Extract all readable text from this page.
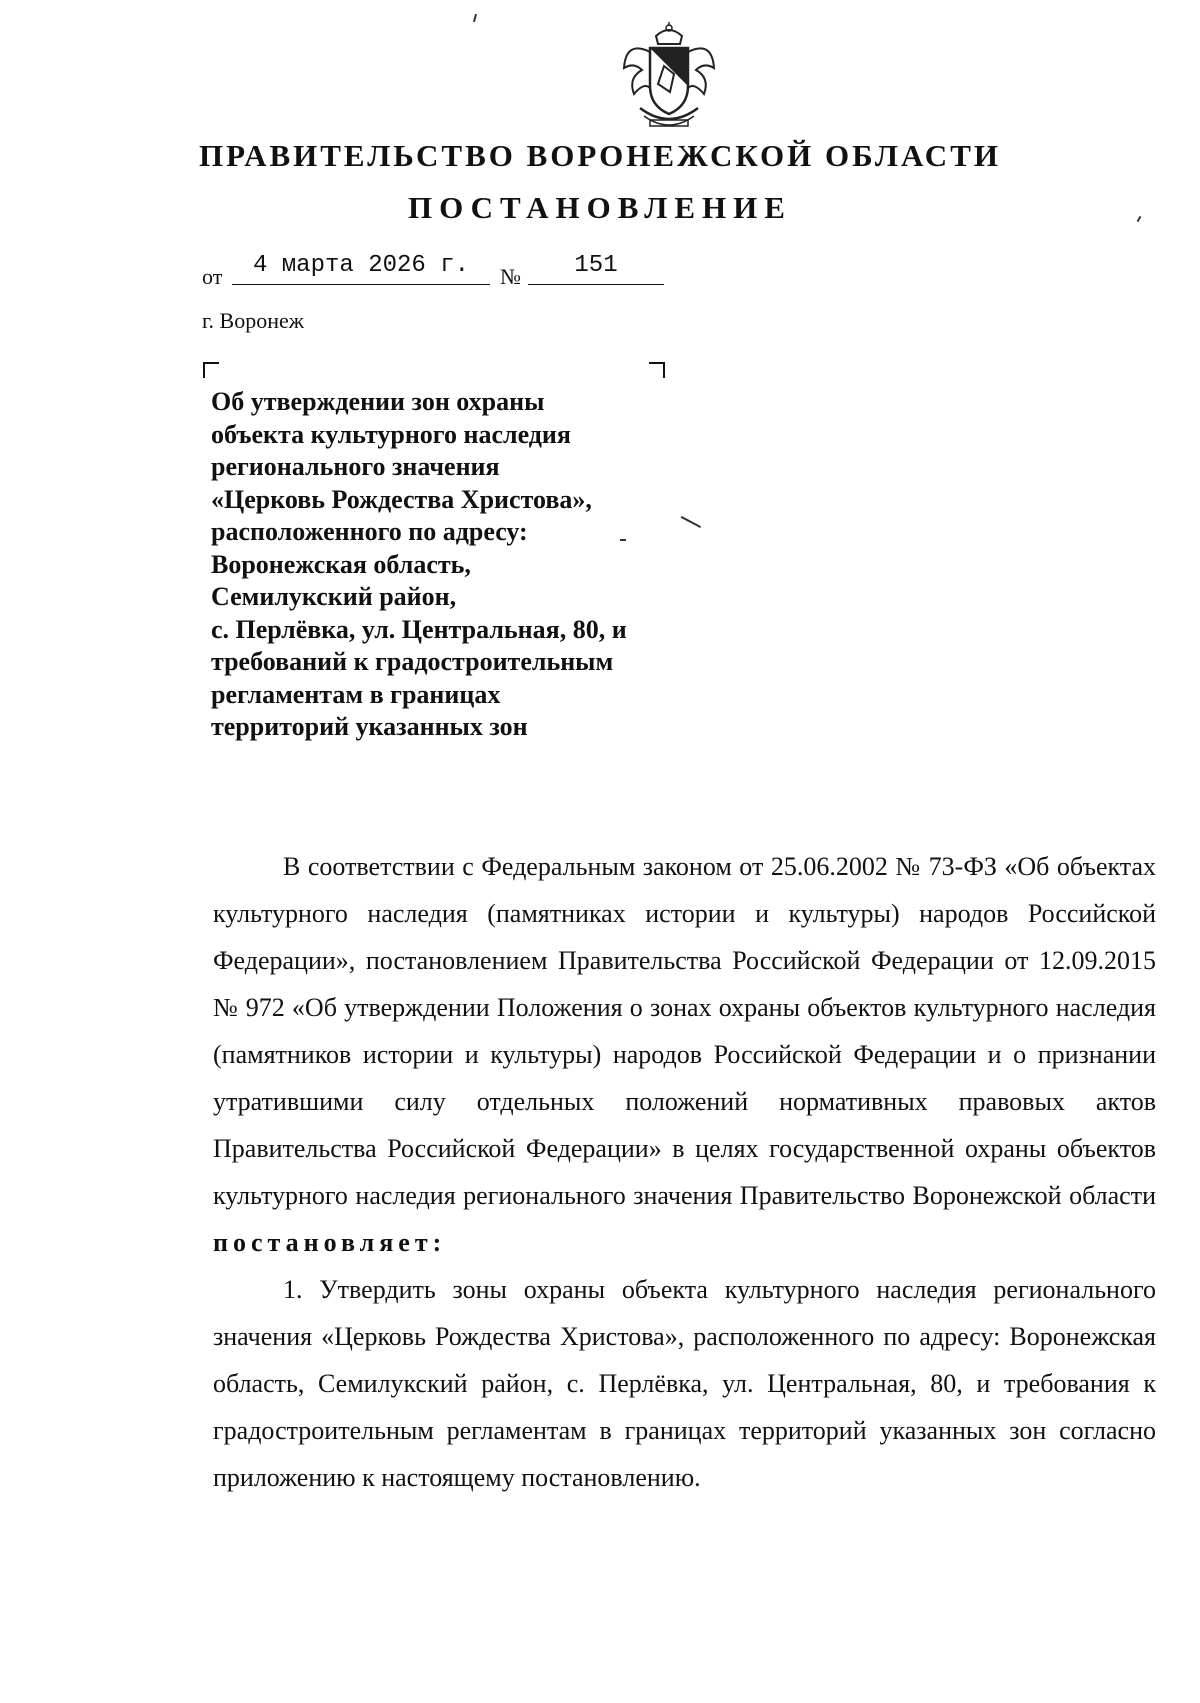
ПРАВИТЕЛЬСТВО ВОРОНЕЖСКОЙ ОБЛАСТИ
ПОСТАНОВЛЕНИЕ
от	4 марта 2026 г.	№	151
г. Воронеж
Об утверждении зон охраны
объекта культурного наследия
регионального значения
«Церковь Рождества Христова»,
расположенного по адресу:
Воронежская область,
Семилукский район,
с. Перлёвка, ул. Центральная, 80, и
требований к градостроительным
регламентам в границах
территорий указанных зон

В соответствии с Федеральным законом от 25.06.2002 № 73-ФЗ «Об объектах культурного наследия (памятниках истории и культуры) народов Российской Федерации», постановлением Правительства Российской Федерации от 12.09.2015 № 972 «Об утверждении Положения о зонах охраны объектов культурного наследия (памятников истории и культуры) народов Российской Федерации и о признании утратившими силу отдельных положений нормативных правовых актов Правительства Российской Федерации» в целях государственной охраны объектов культурного наследия регионального значения Правительство Воронежской области постановляет:

1. Утвердить зоны охраны объекта культурного наследия регионального значения «Церковь Рождества Христова», расположенного по адресу: Воронежская область, Семилукский район, с. Перлёвка, ул. Центральная, 80, и требования к градостроительным регламентам в границах территорий указанных зон согласно приложению к настоящему постановлению.
